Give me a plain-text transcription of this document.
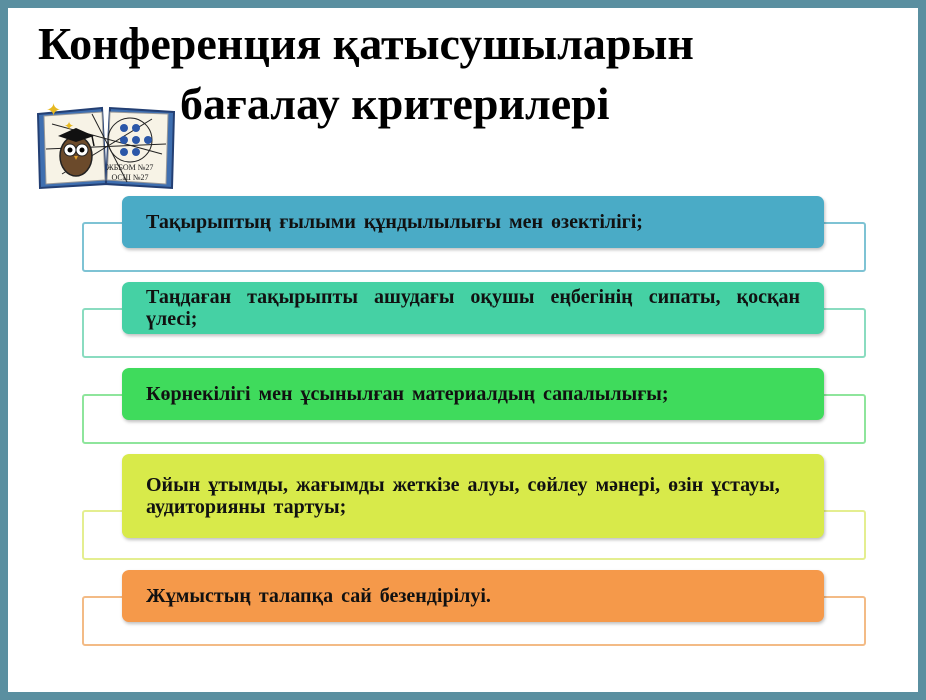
Конференция қатысушыларын
бағалау критерилері
✦
✦
ЖББОМ №27
ОСШ №27
Тақырыптың ғылыми құндылылығы мен өзектілігі;
Таңдаған тақырыпты ашудағы оқушы еңбегінің сипаты, қосқан үлесі;
Көрнекілігі мен ұсынылған материалдың сапалылығы;
Ойын ұтымды, жағымды жеткізе алуы, сөйлеу мәнері, өзін ұстауы, аудиторияны тартуы;
Жұмыстың талапқа сай безендірілуі.
